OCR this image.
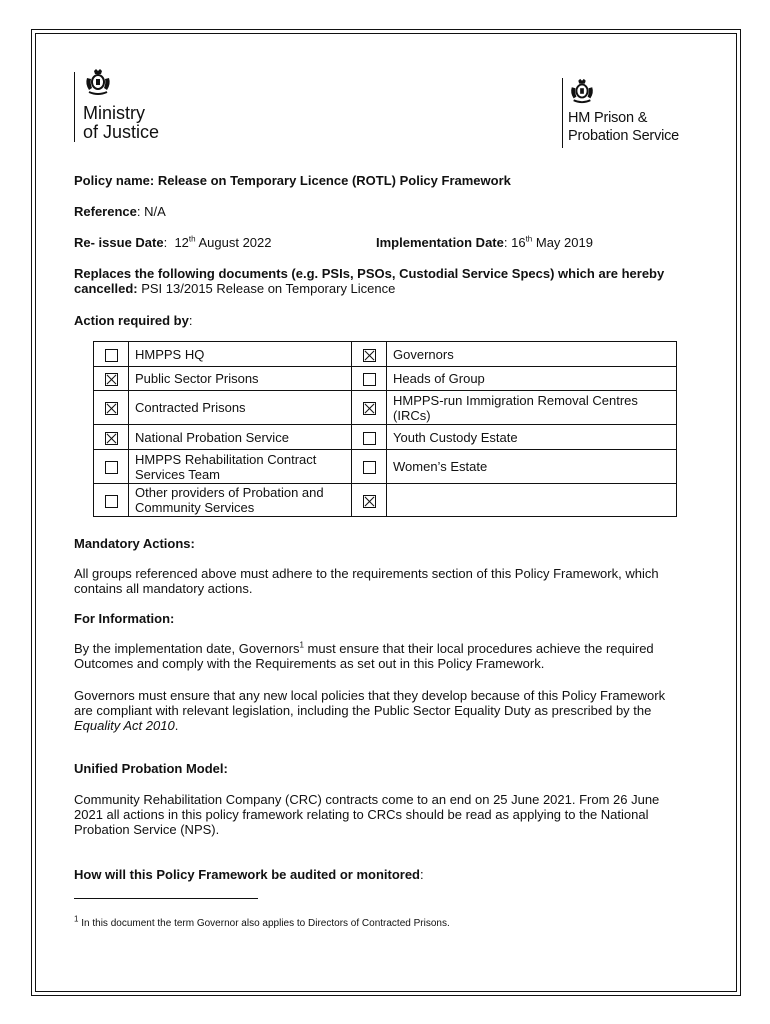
Ministry
of Justice
HM Prison &
Probation Service

Policy name: Release on Temporary Licence (ROTL) Policy Framework

Reference: N/A

Re- issue Date:  12th August 2022	Implementation Date: 16th May 2019

Replaces the following documents (e.g. PSIs, PSOs, Custodial Service Specs) which are hereby cancelled: PSI 13/2015 Release on Temporary Licence

Action required by:

	HMPPS HQ		Governors
	Public Sector Prisons		Heads of Group
	Contracted Prisons		HMPPS-run Immigration Removal Centres (IRCs)
	National Probation Service		Youth Custody Estate
	HMPPS Rehabilitation Contract Services Team		Women’s Estate
	Other providers of Probation and Community Services		

Mandatory Actions:

All groups referenced above must adhere to the requirements section of this Policy Framework, which contains all mandatory actions.

For Information:

By the implementation date, Governors$^1$ must ensure that their local procedures achieve the required Outcomes and comply with the Requirements as set out in this Policy Framework.

Governors must ensure that any new local policies that they develop because of this Policy Framework are compliant with relevant legislation, including the Public Sector Equality Duty as prescribed by the Equality Act 2010.

Unified Probation Model:

Community Rehabilitation Company (CRC) contracts come to an end on 25 June 2021. From 26 June 2021 all actions in this policy framework relating to CRCs should be read as applying to the National Probation Service (NPS).

How will this Policy Framework be audited or monitored:

$^1$ In this document the term Governor also applies to Directors of Contracted Prisons.
